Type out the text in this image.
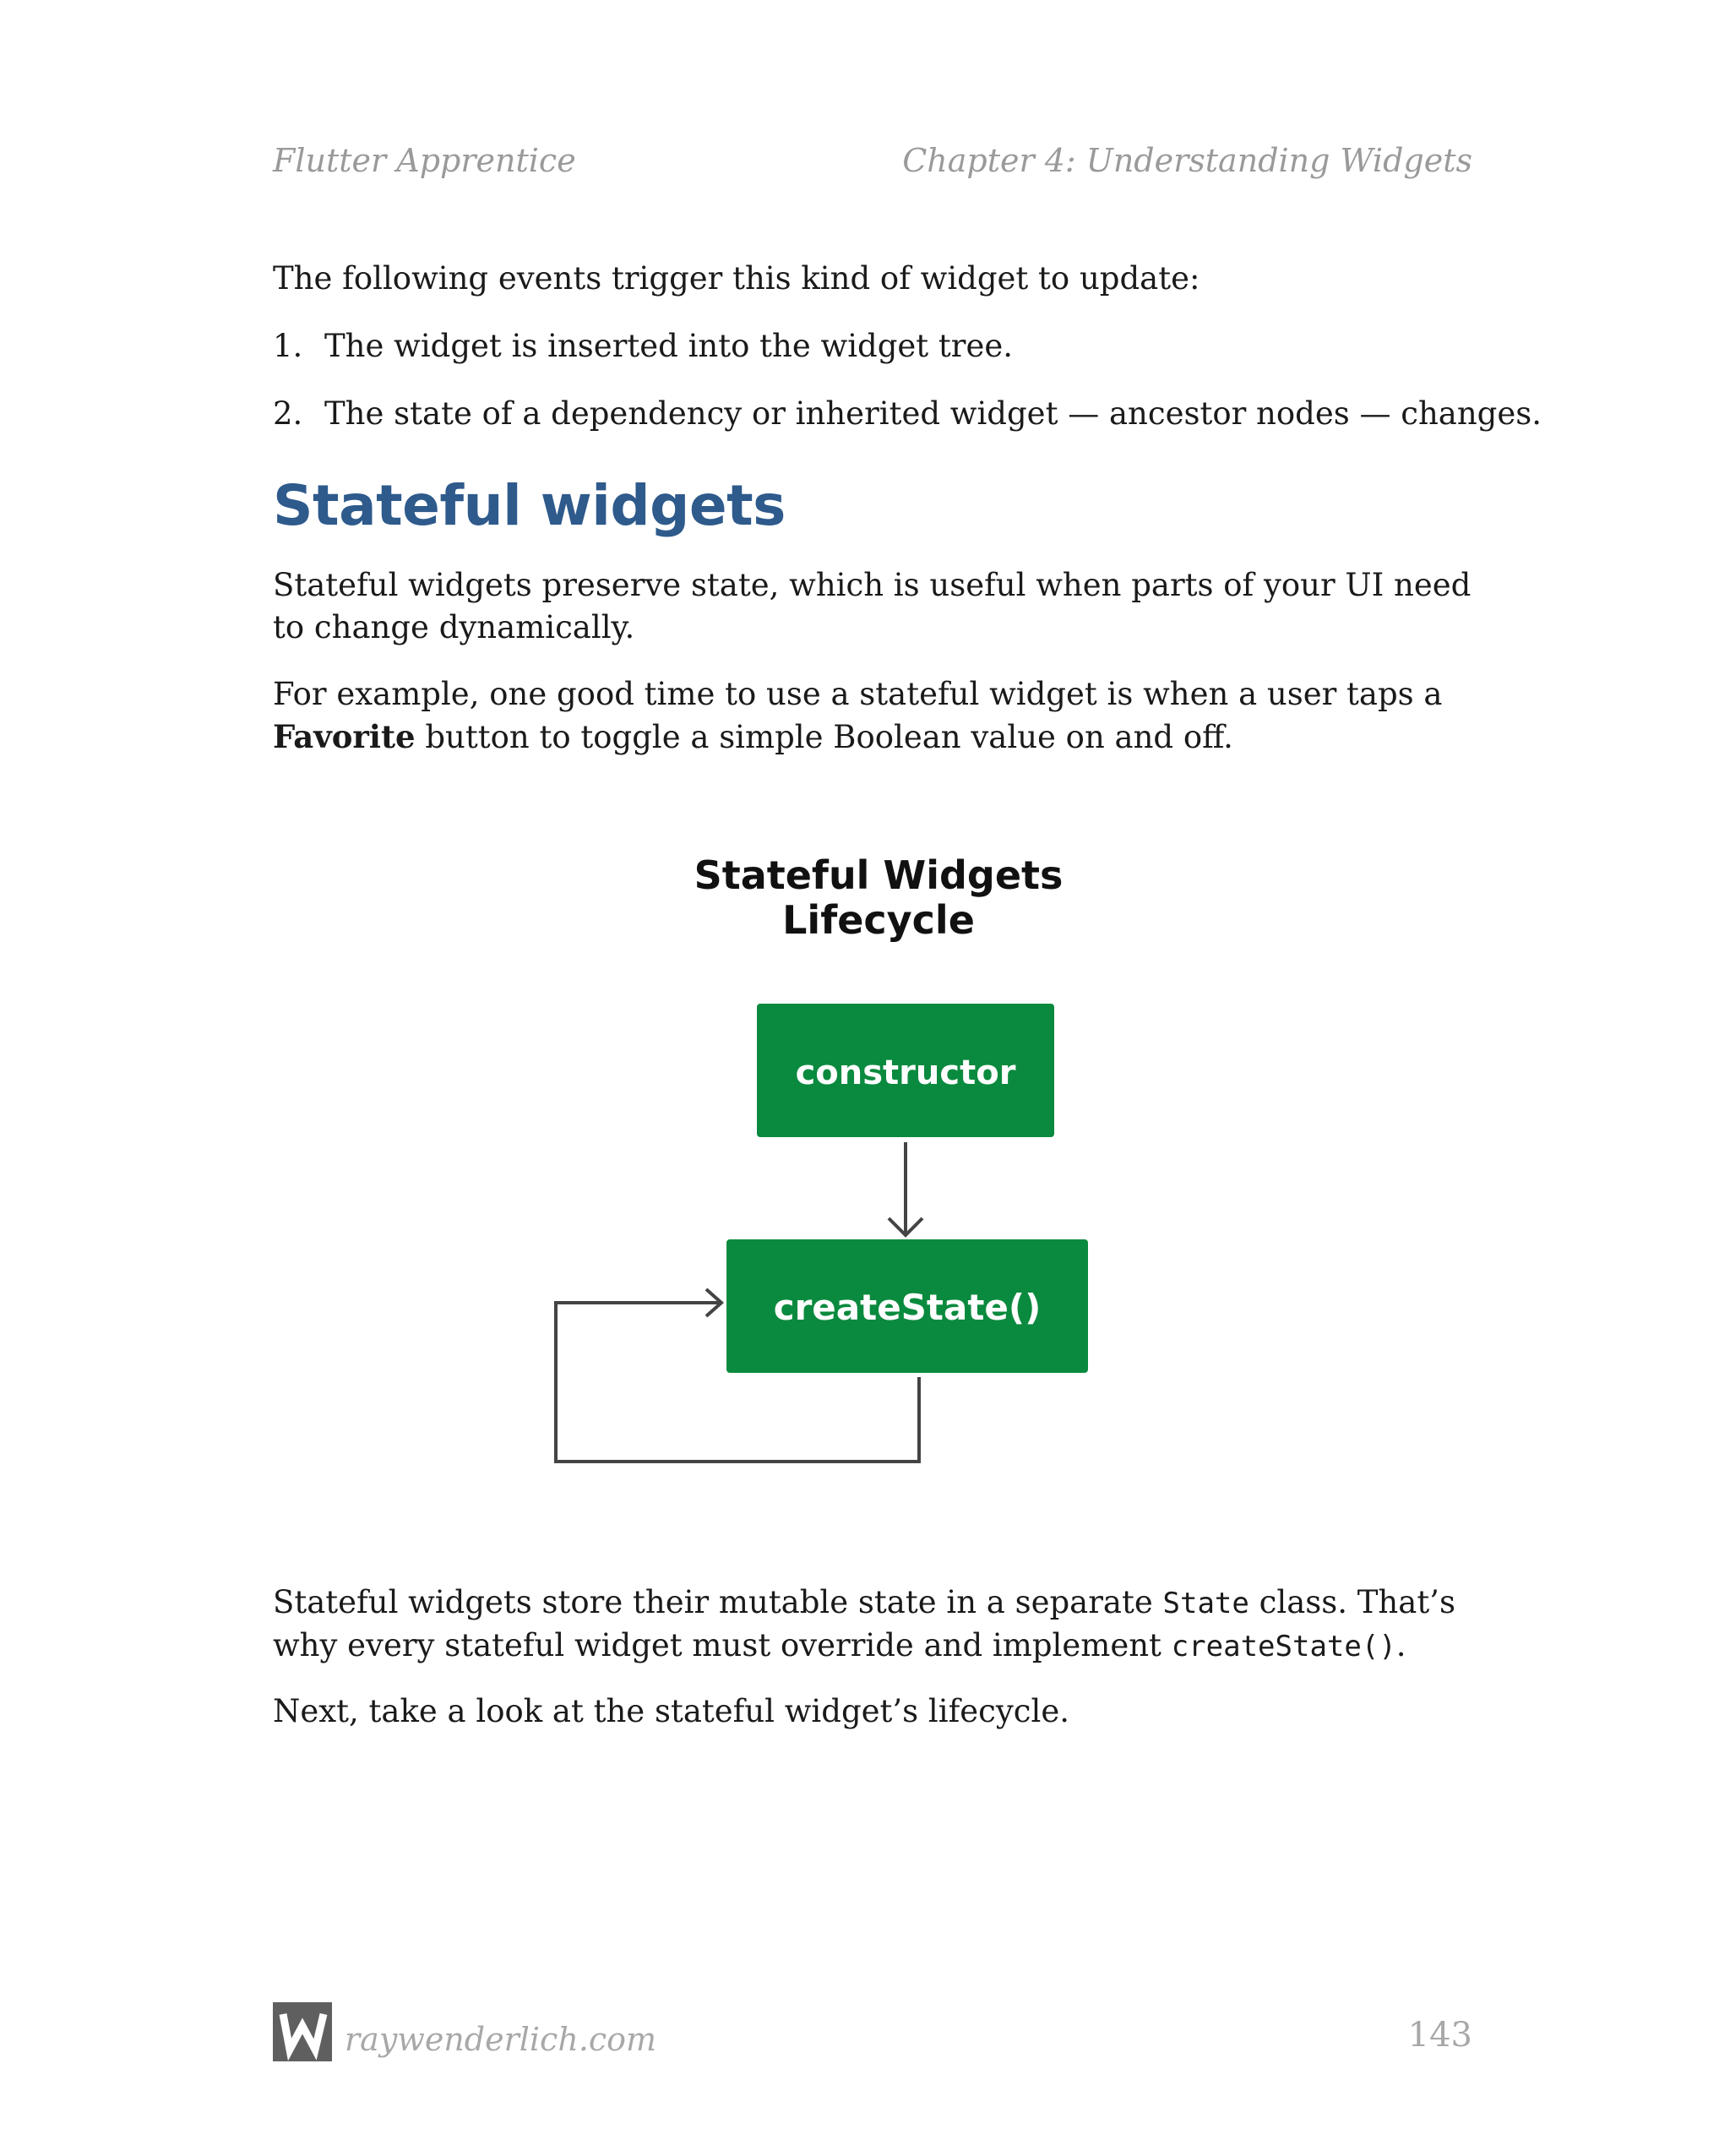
Flutter Apprentice	Chapter 4: Understanding Widgets
The following events trigger this kind of widget to update:
1. The widget is inserted into the widget tree.
2. The state of a dependency or inherited widget — ancestor nodes — changes.
Stateful widgets
Stateful widgets preserve state, which is useful when parts of your UI need to change dynamically.
For example, one good time to use a stateful widget is when a user taps a Favorite button to toggle a simple Boolean value on and off.
Stateful Widgets
Lifecycle
constructor
createState()
Stateful widgets store their mutable state in a separate State class. That’s why every stateful widget must override and implement createState().
Next, take a look at the stateful widget’s lifecycle.
raywenderlich.com	143
